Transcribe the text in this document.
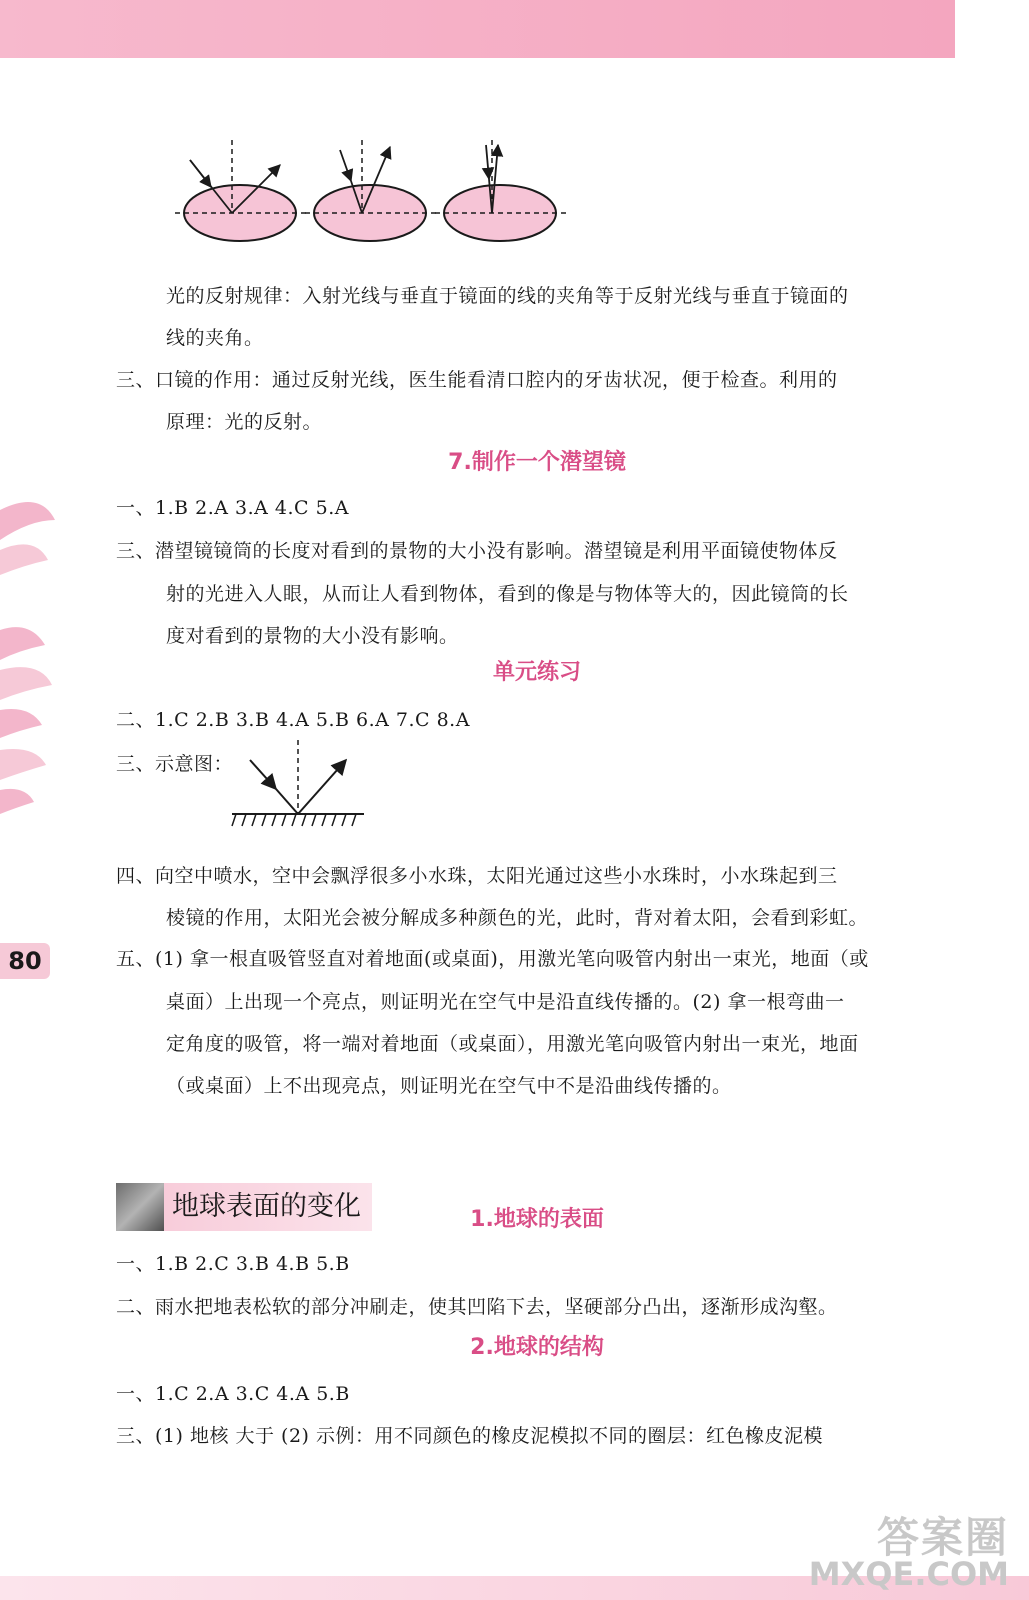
光的反射规律：入射光线与垂直于镜面的线的夹角等于反射光线与垂直于镜面的
线的夹角。
三、口镜的作用：通过反射光线，医生能看清口腔内的牙齿状况，便于检查。利用的
原理：光的反射。
7.制作一个潜望镜
一、1.B 2.A 3.A 4.C 5.A
三、潜望镜镜筒的长度对看到的景物的大小没有影响。潜望镜是利用平面镜使物体反
射的光进入人眼，从而让人看到物体，看到的像是与物体等大的，因此镜筒的长
度对看到的景物的大小没有影响。
单元练习
二、1.C 2.B 3.B 4.A 5.B 6.A 7.C 8.A
三、示意图：
四、向空中喷水，空中会飘浮很多小水珠，太阳光通过这些小水珠时，小水珠起到三
棱镜的作用，太阳光会被分解成多种颜色的光，此时，背对着太阳，会看到彩虹。
五、(1) 拿一根直吸管竖直对着地面(或桌面)，用激光笔向吸管内射出一束光，地面（或
桌面）上出现一个亮点，则证明光在空气中是沿直线传播的。(2) 拿一根弯曲一
定角度的吸管，将一端对着地面（或桌面），用激光笔向吸管内射出一束光，地面
（或桌面）上不出现亮点，则证明光在空气中不是沿曲线传播的。
80
地球表面的变化	1.地球的表面
一、1.B 2.C 3.B 4.B 5.B
二、雨水把地表松软的部分冲刷走，使其凹陷下去，坚硬部分凸出，逐渐形成沟壑。
2.地球的结构
一、1.C 2.A 3.C 4.A 5.B
三、(1) 地核 大于 (2) 示例：用不同颜色的橡皮泥模拟不同的圈层：红色橡皮泥模
答案圈
MXQE.COM
